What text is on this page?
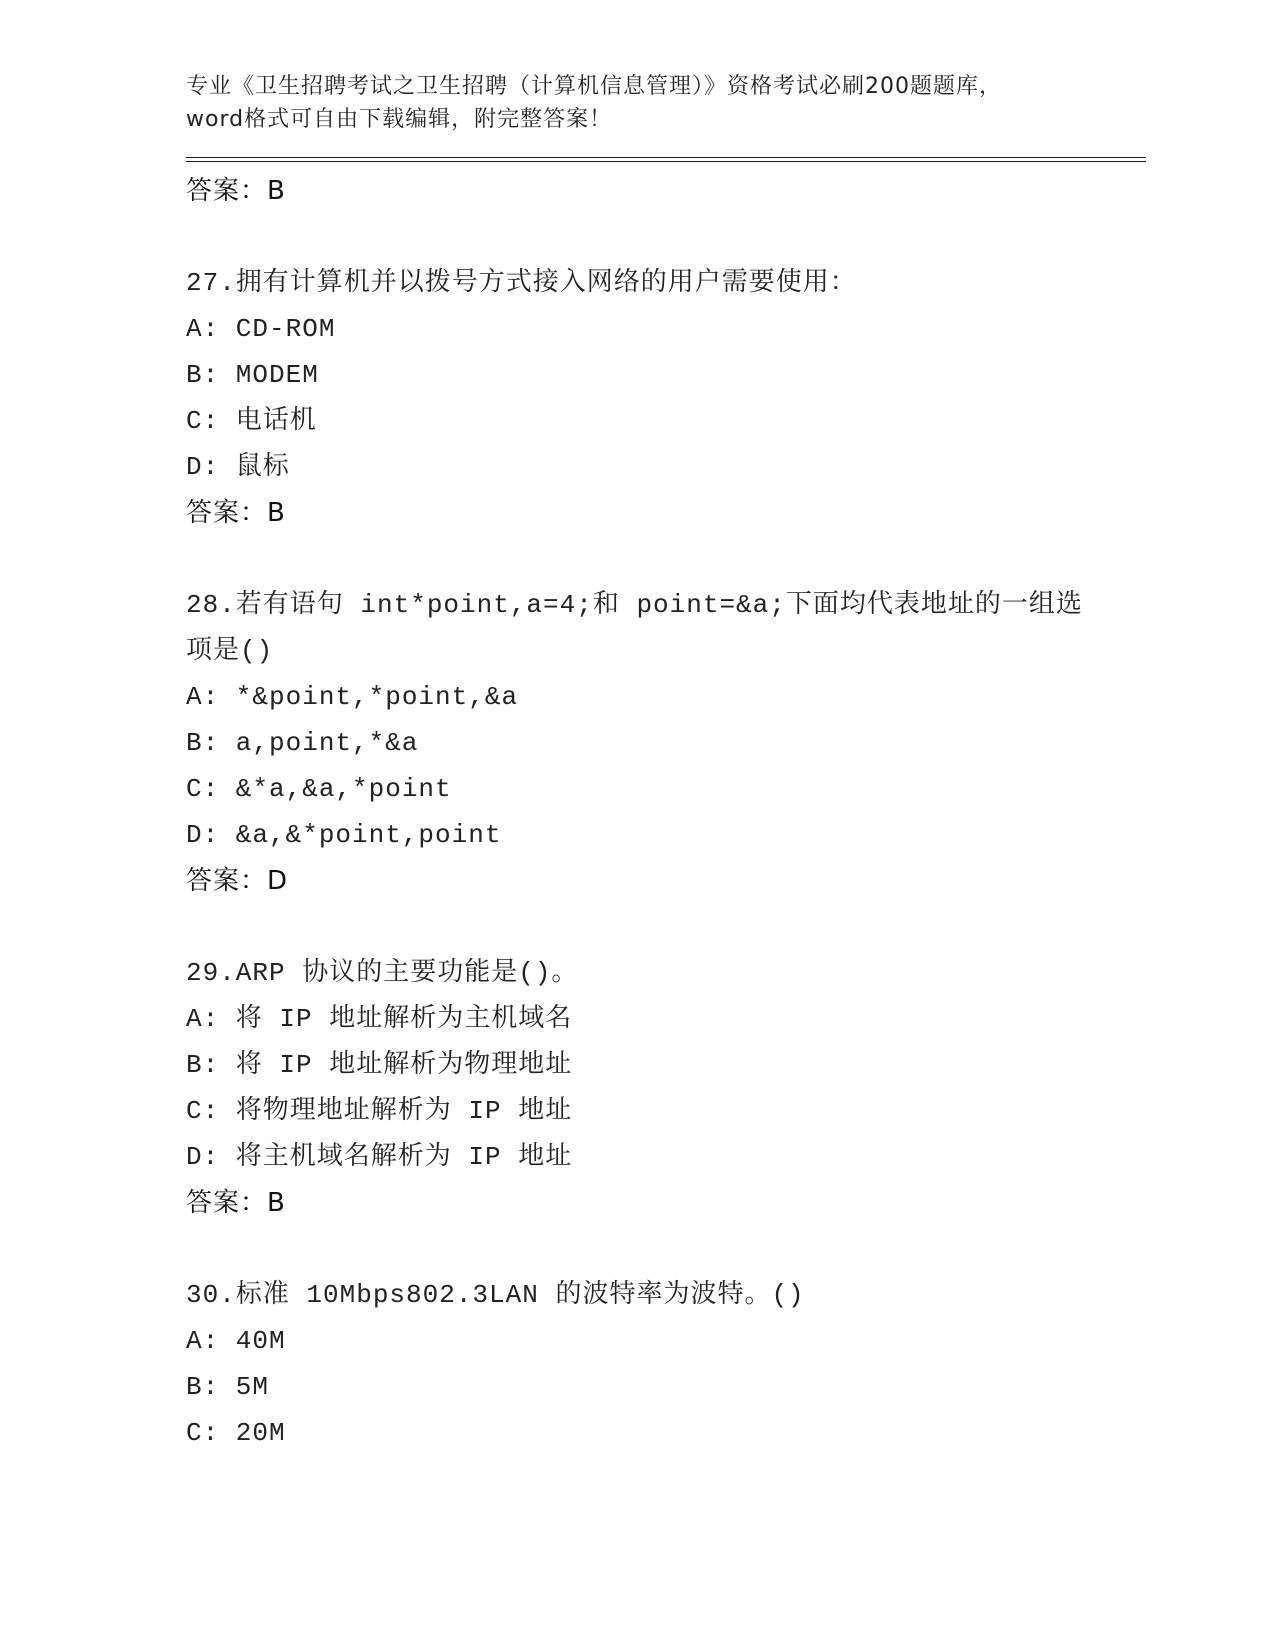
专业《卫生招聘考试之卫生招聘（计算机信息管理）》资格考试必刷200题题库，
word格式可自由下载编辑，附完整答案！
答案：B
27.拥有计算机并以拨号方式接入网络的用户需要使用：
A: CD-ROM
B: MODEM
C: 电话机
D: 鼠标
答案：B
28.若有语句 int*point,a=4;和 point=&a;下面均代表地址的一组选项是()
A: *&point,*point,&a
B: a,point,*&a
C: &*a,&a,*point
D: &a,&*point,point
答案：D
29.ARP 协议的主要功能是()。
A: 将 IP 地址解析为主机域名
B: 将 IP 地址解析为物理地址
C: 将物理地址解析为 IP 地址
D: 将主机域名解析为 IP 地址
答案：B
30.标准 10Mbps802.3LAN 的波特率为波特。()
A: 40M
B: 5M
C: 20M
